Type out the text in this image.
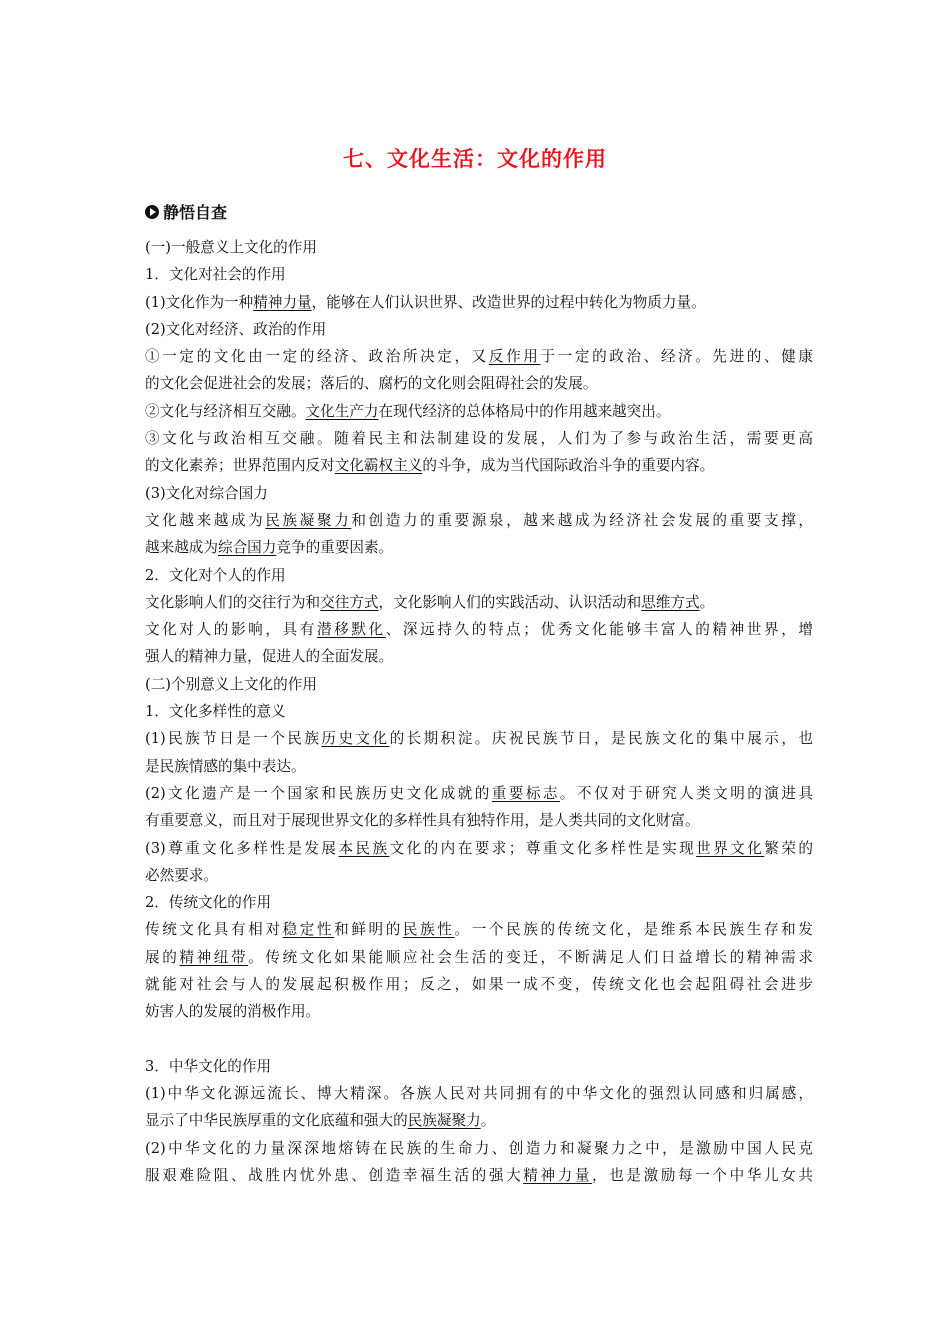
七、文化生活：文化的作用
静悟自查
(一)一般意义上文化的作用
1．文化对社会的作用
(1)文化作为一种精神力量，能够在人们认识世界、改造世界的过程中转化为物质力量。
(2)文化对经济、政治的作用
①一定的文化由一定的经济、政治所决定，又反作用于一定的政治、经济。先进的、健康
的文化会促进社会的发展；落后的、腐朽的文化则会阻碍社会的发展。
②文化与经济相互交融。文化生产力在现代经济的总体格局中的作用越来越突出。
③文化与政治相互交融。随着民主和法制建设的发展，人们为了参与政治生活，需要更高
的文化素养；世界范围内反对文化霸权主义的斗争，成为当代国际政治斗争的重要内容。
(3)文化对综合国力
文化越来越成为民族凝聚力和创造力的重要源泉，越来越成为经济社会发展的重要支撑，
越来越成为综合国力竞争的重要因素。
2．文化对个人的作用
文化影响人们的交往行为和交往方式，文化影响人们的实践活动、认识活动和思维方式。
文化对人的影响，具有潜移默化、深远持久的特点；优秀文化能够丰富人的精神世界，增
强人的精神力量，促进人的全面发展。
(二)个别意义上文化的作用
1．文化多样性的意义
(1)民族节日是一个民族历史文化的长期积淀。庆祝民族节日，是民族文化的集中展示，也
是民族情感的集中表达。
(2)文化遗产是一个国家和民族历史文化成就的重要标志。不仅对于研究人类文明的演进具
有重要意义，而且对于展现世界文化的多样性具有独特作用，是人类共同的文化财富。
(3)尊重文化多样性是发展本民族文化的内在要求；尊重文化多样性是实现世界文化繁荣的
必然要求。
2．传统文化的作用
传统文化具有相对稳定性和鲜明的民族性。一个民族的传统文化，是维系本民族生存和发
展的精神纽带。传统文化如果能顺应社会生活的变迁，不断满足人们日益增长的精神需求
就能对社会与人的发展起积极作用；反之，如果一成不变，传统文化也会起阻碍社会进步
妨害人的发展的消极作用。
3．中华文化的作用
(1)中华文化源远流长、博大精深。各族人民对共同拥有的中华文化的强烈认同感和归属感，
显示了中华民族厚重的文化底蕴和强大的民族凝聚力。
(2)中华文化的力量深深地熔铸在民族的生命力、创造力和凝聚力之中，是激励中国人民克
服艰难险阻、战胜内忧外患、创造幸福生活的强大精神力量，也是激励每一个中华儿女共
